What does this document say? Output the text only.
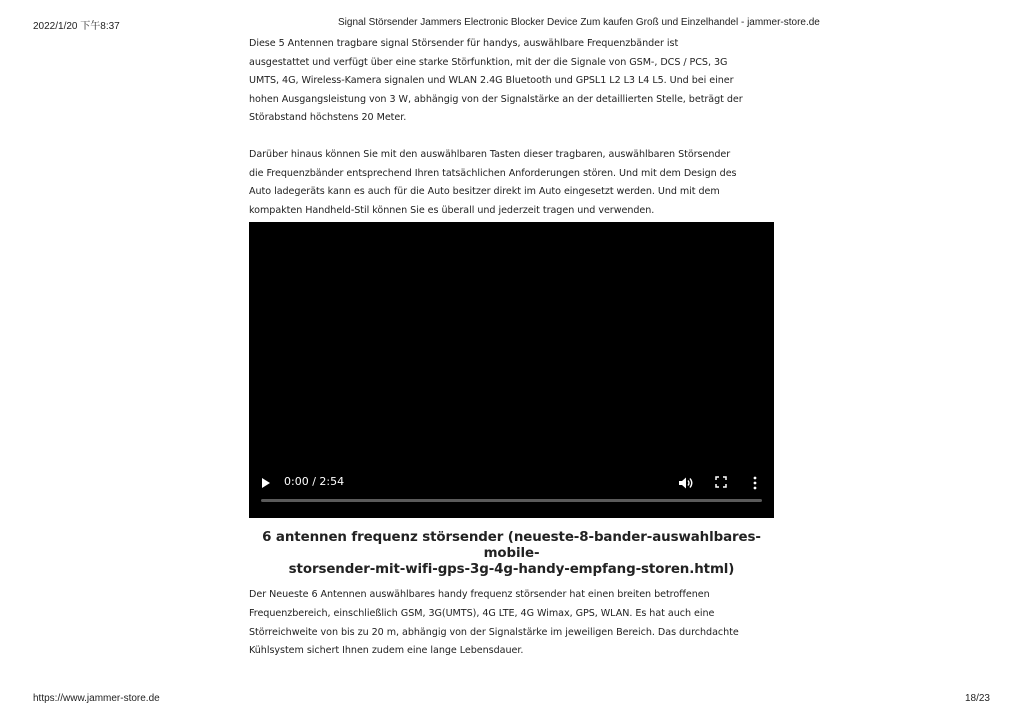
2022/1/20 下午8:37	Signal Störsender Jammers Electronic Blocker Device Zum kaufen Groß und Einzelhandel - jammer-store.de

Diese 5 Antennen tragbare signal Störsender für handys, auswählbare Frequenzbänder ist
ausgestattet und verfügt über eine starke Störfunktion, mit der die Signale von GSM-, DCS / PCS, 3G
UMTS, 4G, Wireless-Kamera signalen und WLAN 2.4G Bluetooth und GPSL1 L2 L3 L4 L5. Und bei einer
hohen Ausgangsleistung von 3 W, abhängig von der Signalstärke an der detaillierten Stelle, beträgt der
Störabstand höchstens 20 Meter.

Darüber hinaus können Sie mit den auswählbaren Tasten dieser tragbaren, auswählbaren Störsender
die Frequenzbänder entsprechend Ihren tatsächlichen Anforderungen stören. Und mit dem Design des
Auto ladegeräts kann es auch für die Auto besitzer direkt im Auto eingesetzt werden. Und mit dem
kompakten Handheld-Stil können Sie es überall und jederzeit tragen und verwenden.

0:00 / 2:54
6 antennen frequenz störsender (neueste-8-bander-auswahlbares-mobile-
storsender-mit-wifi-gps-3g-4g-handy-empfang-storen.html)

Der Neueste 6 Antennen auswählbares handy frequenz störsender hat einen breiten betroffenen
Frequenzbereich, einschließlich GSM, 3G(UMTS), 4G LTE, 4G Wimax, GPS, WLAN. Es hat auch eine
Störreichweite von bis zu 20 m, abhängig von der Signalstärke im jeweiligen Bereich. Das durchdachte
Kühlsystem sichert Ihnen zudem eine lange Lebensdauer.

https://www.jammer-store.de	18/23
